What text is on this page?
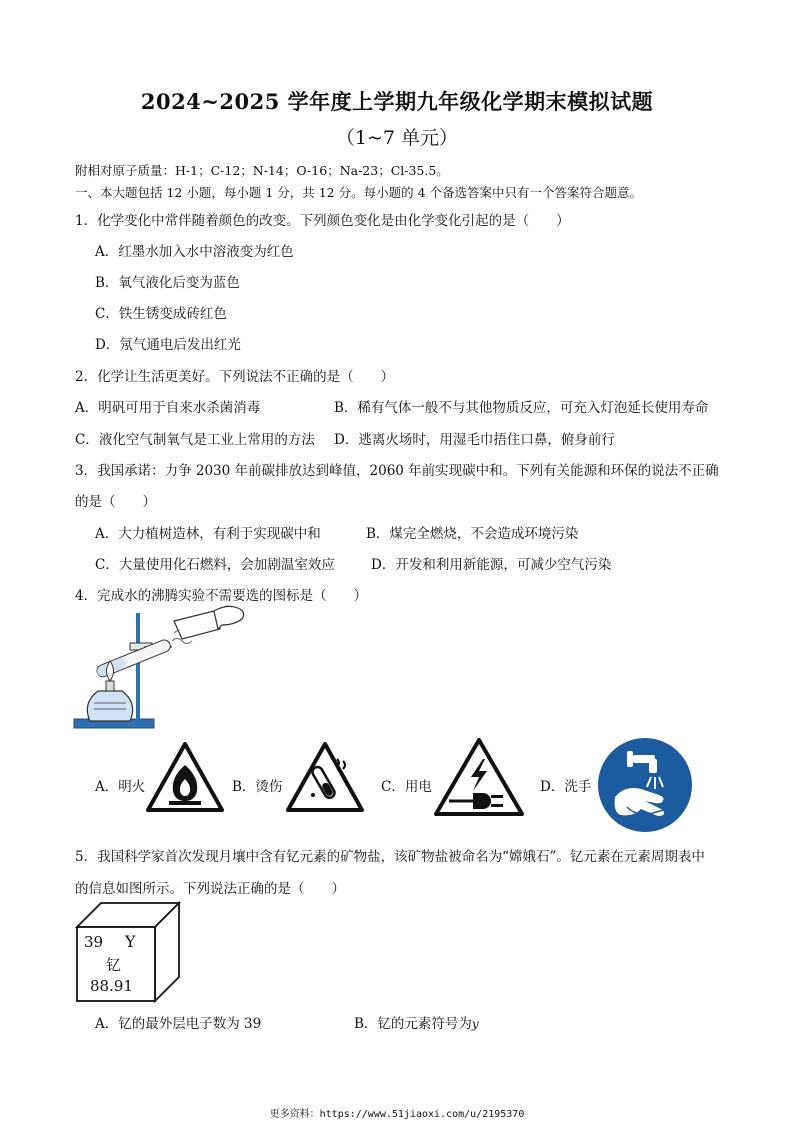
2024~2025 学年度上学期九年级化学期末模拟试题
（1~7 单元）
附相对原子质量：H-1；C-12；N-14；O-16；Na-23；Cl-35.5。
一、本大题包括 12 小题，每小题 1 分，共 12 分。每小题的 4 个备选答案中只有一个答案符合题意。
1．化学变化中常伴随着颜色的改变。下列颜色变化是由化学变化引起的是（　　）
A．红墨水加入水中溶液变为红色
B．氧气液化后变为蓝色
C．铁生锈变成砖红色
D．氖气通电后发出红光
2．化学让生活更美好。下列说法不正确的是（　　）
A．明矾可用于自来水杀菌消毒	B．稀有气体一般不与其他物质反应，可充入灯泡延长使用寿命
C．液化空气制氧气是工业上常用的方法 D．逃离火场时，用湿毛巾捂住口鼻，俯身前行
3．我国承诺：力争 2030 年前碳排放达到峰值，2060 年前实现碳中和。下列有关能源和环保的说法不正确
的是（　　）
A．大力植树造林，有利于实现碳中和	B．煤完全燃烧，不会造成环境污染
C．大量使用化石燃料，会加剧温室效应	D．开发和利用新能源，可减少空气污染
4．完成水的沸腾实验不需要选的图标是（　　）
A．明火	B．烫伤	C．用电	D．洗手
5．我国科学家首次发现月壤中含有钇元素的矿物盐，该矿物盐被命名为“嫦娥石”。钇元素在元素周期表中
的信息如图所示。下列说法正确的是（　　）
39 Y
钇
88.91
A．钇的最外层电子数为 39	B．钇的元素符号为y
更多资料：https://www.51jiaoxi.com/u/2195370
